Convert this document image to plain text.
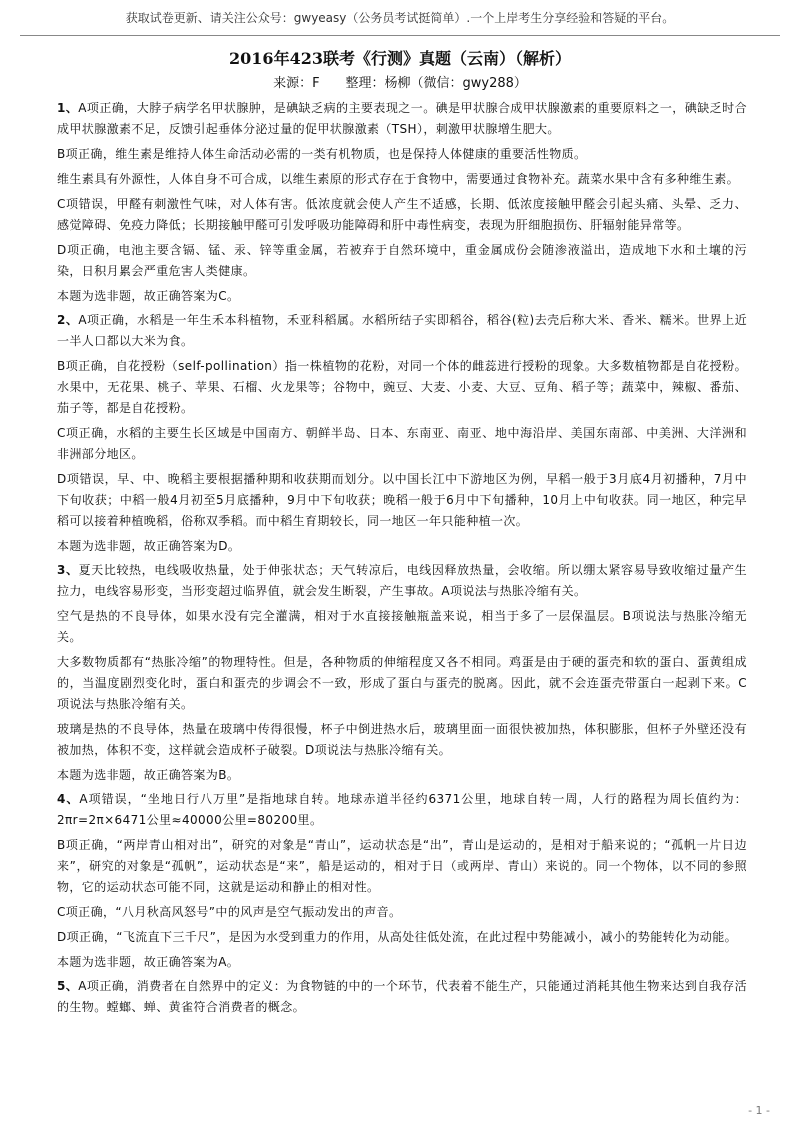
获取试卷更新、请关注公众号：gwyeasy（公务员考试挺简单）.一个上岸考生分享经验和答疑的平台。
2016年423联考《行测》真题（云南）（解析）
来源：F　　整理：杨柳（微信：gwy288）

1、A项正确，大脖子病学名甲状腺肿，是碘缺乏病的主要表现之一。碘是甲状腺合成甲状腺激素的重要原料之一，碘缺乏时合成甲状腺激素不足，反馈引起垂体分泌过量的促甲状腺激素（TSH），刺激甲状腺增生肥大。

B项正确，维生素是维持人体生命活动必需的一类有机物质，也是保持人体健康的重要活性物质。

维生素具有外源性，人体自身不可合成，以维生素原的形式存在于食物中，需要通过食物补充。蔬菜水果中含有多种维生素。

C项错误，甲醛有刺激性气味，对人体有害。低浓度就会使人产生不适感，长期、低浓度接触甲醛会引起头痛、头晕、乏力、感觉障碍、免疫力降低；长期接触甲醛可引发呼吸功能障碍和肝中毒性病变，表现为肝细胞损伤、肝辐射能异常等。

D项正确，电池主要含镉、锰、汞、锌等重金属，若被弃于自然环境中，重金属成份会随渗液溢出，造成地下水和土壤的污染，日积月累会严重危害人类健康。

本题为选非题，故正确答案为C。

2、A项正确，水稻是一年生禾本科植物，禾亚科稻属。水稻所结子实即稻谷，稻谷(粒)去壳后称大米、香米、糯米。世界上近一半人口都以大米为食。

B项正确，自花授粉（self-pollination）指一株植物的花粉，对同一个体的雌蕊进行授粉的现象。大多数植物都是自花授粉。水果中，无花果、桃子、苹果、石榴、火龙果等；谷物中，豌豆、大麦、小麦、大豆、豆角、稻子等；蔬菜中，辣椒、番茄、茄子等，都是自花授粉。

C项正确，水稻的主要生长区域是中国南方、朝鲜半岛、日本、东南亚、南亚、地中海沿岸、美国东南部、中美洲、大洋洲和非洲部分地区。

D项错误，早、中、晚稻主要根据播种期和收获期而划分。以中国长江中下游地区为例，早稻一般于3月底4月初播种，7月中下旬收获；中稻一般4月初至5月底播种，9月中下旬收获；晚稻一般于6月中下旬播种，10月上中旬收获。同一地区，种完早稻可以接着种植晚稻，俗称双季稻。而中稻生育期较长，同一地区一年只能种植一次。

本题为选非题，故正确答案为D。

3、夏天比较热，电线吸收热量，处于伸张状态；天气转凉后，电线因释放热量，会收缩。所以绷太紧容易导致收缩过量产生拉力，电线容易形变，当形变超过临界值，就会发生断裂，产生事故。A项说法与热胀冷缩有关。

空气是热的不良导体，如果水没有完全灌满，相对于水直接接触瓶盖来说，相当于多了一层保温层。B项说法与热胀冷缩无关。

大多数物质都有“热胀冷缩”的物理特性。但是，各种物质的伸缩程度又各不相同。鸡蛋是由于硬的蛋壳和软的蛋白、蛋黄组成的，当温度剧烈变化时，蛋白和蛋壳的步调会不一致，形成了蛋白与蛋壳的脱离。因此，就不会连蛋壳带蛋白一起剥下来。C项说法与热胀冷缩有关。

玻璃是热的不良导体，热量在玻璃中传得很慢，杯子中倒进热水后，玻璃里面一面很快被加热，体积膨胀，但杯子外壁还没有被加热，体积不变，这样就会造成杯子破裂。D项说法与热胀冷缩有关。

本题为选非题，故正确答案为B。

4、A项错误，“坐地日行八万里”是指地球自转。地球赤道半径约6371公里，地球自转一周，人行的路程为周长值约为：2πr=2π×6471公里≈40000公里=80200里。

B项正确，“两岸青山相对出”，研究的对象是“青山”，运动状态是“出”，青山是运动的，是相对于船来说的；“孤帆一片日边来”，研究的对象是“孤帆”，运动状态是“来”，船是运动的，相对于日（或两岸、青山）来说的。同一个物体，以不同的参照物，它的运动状态可能不同，这就是运动和静止的相对性。

C项正确，“八月秋高风怒号”中的风声是空气振动发出的声音。

D项正确，“飞流直下三千尺”，是因为水受到重力的作用，从高处往低处流，在此过程中势能减小，减小的势能转化为动能。

本题为选非题，故正确答案为A。

5、A项正确，消费者在自然界中的定义：为食物链的中的一个环节，代表着不能生产，只能通过消耗其他生物来达到自我存活的生物。螳螂、蝉、黄雀符合消费者的概念。

- 1 -
